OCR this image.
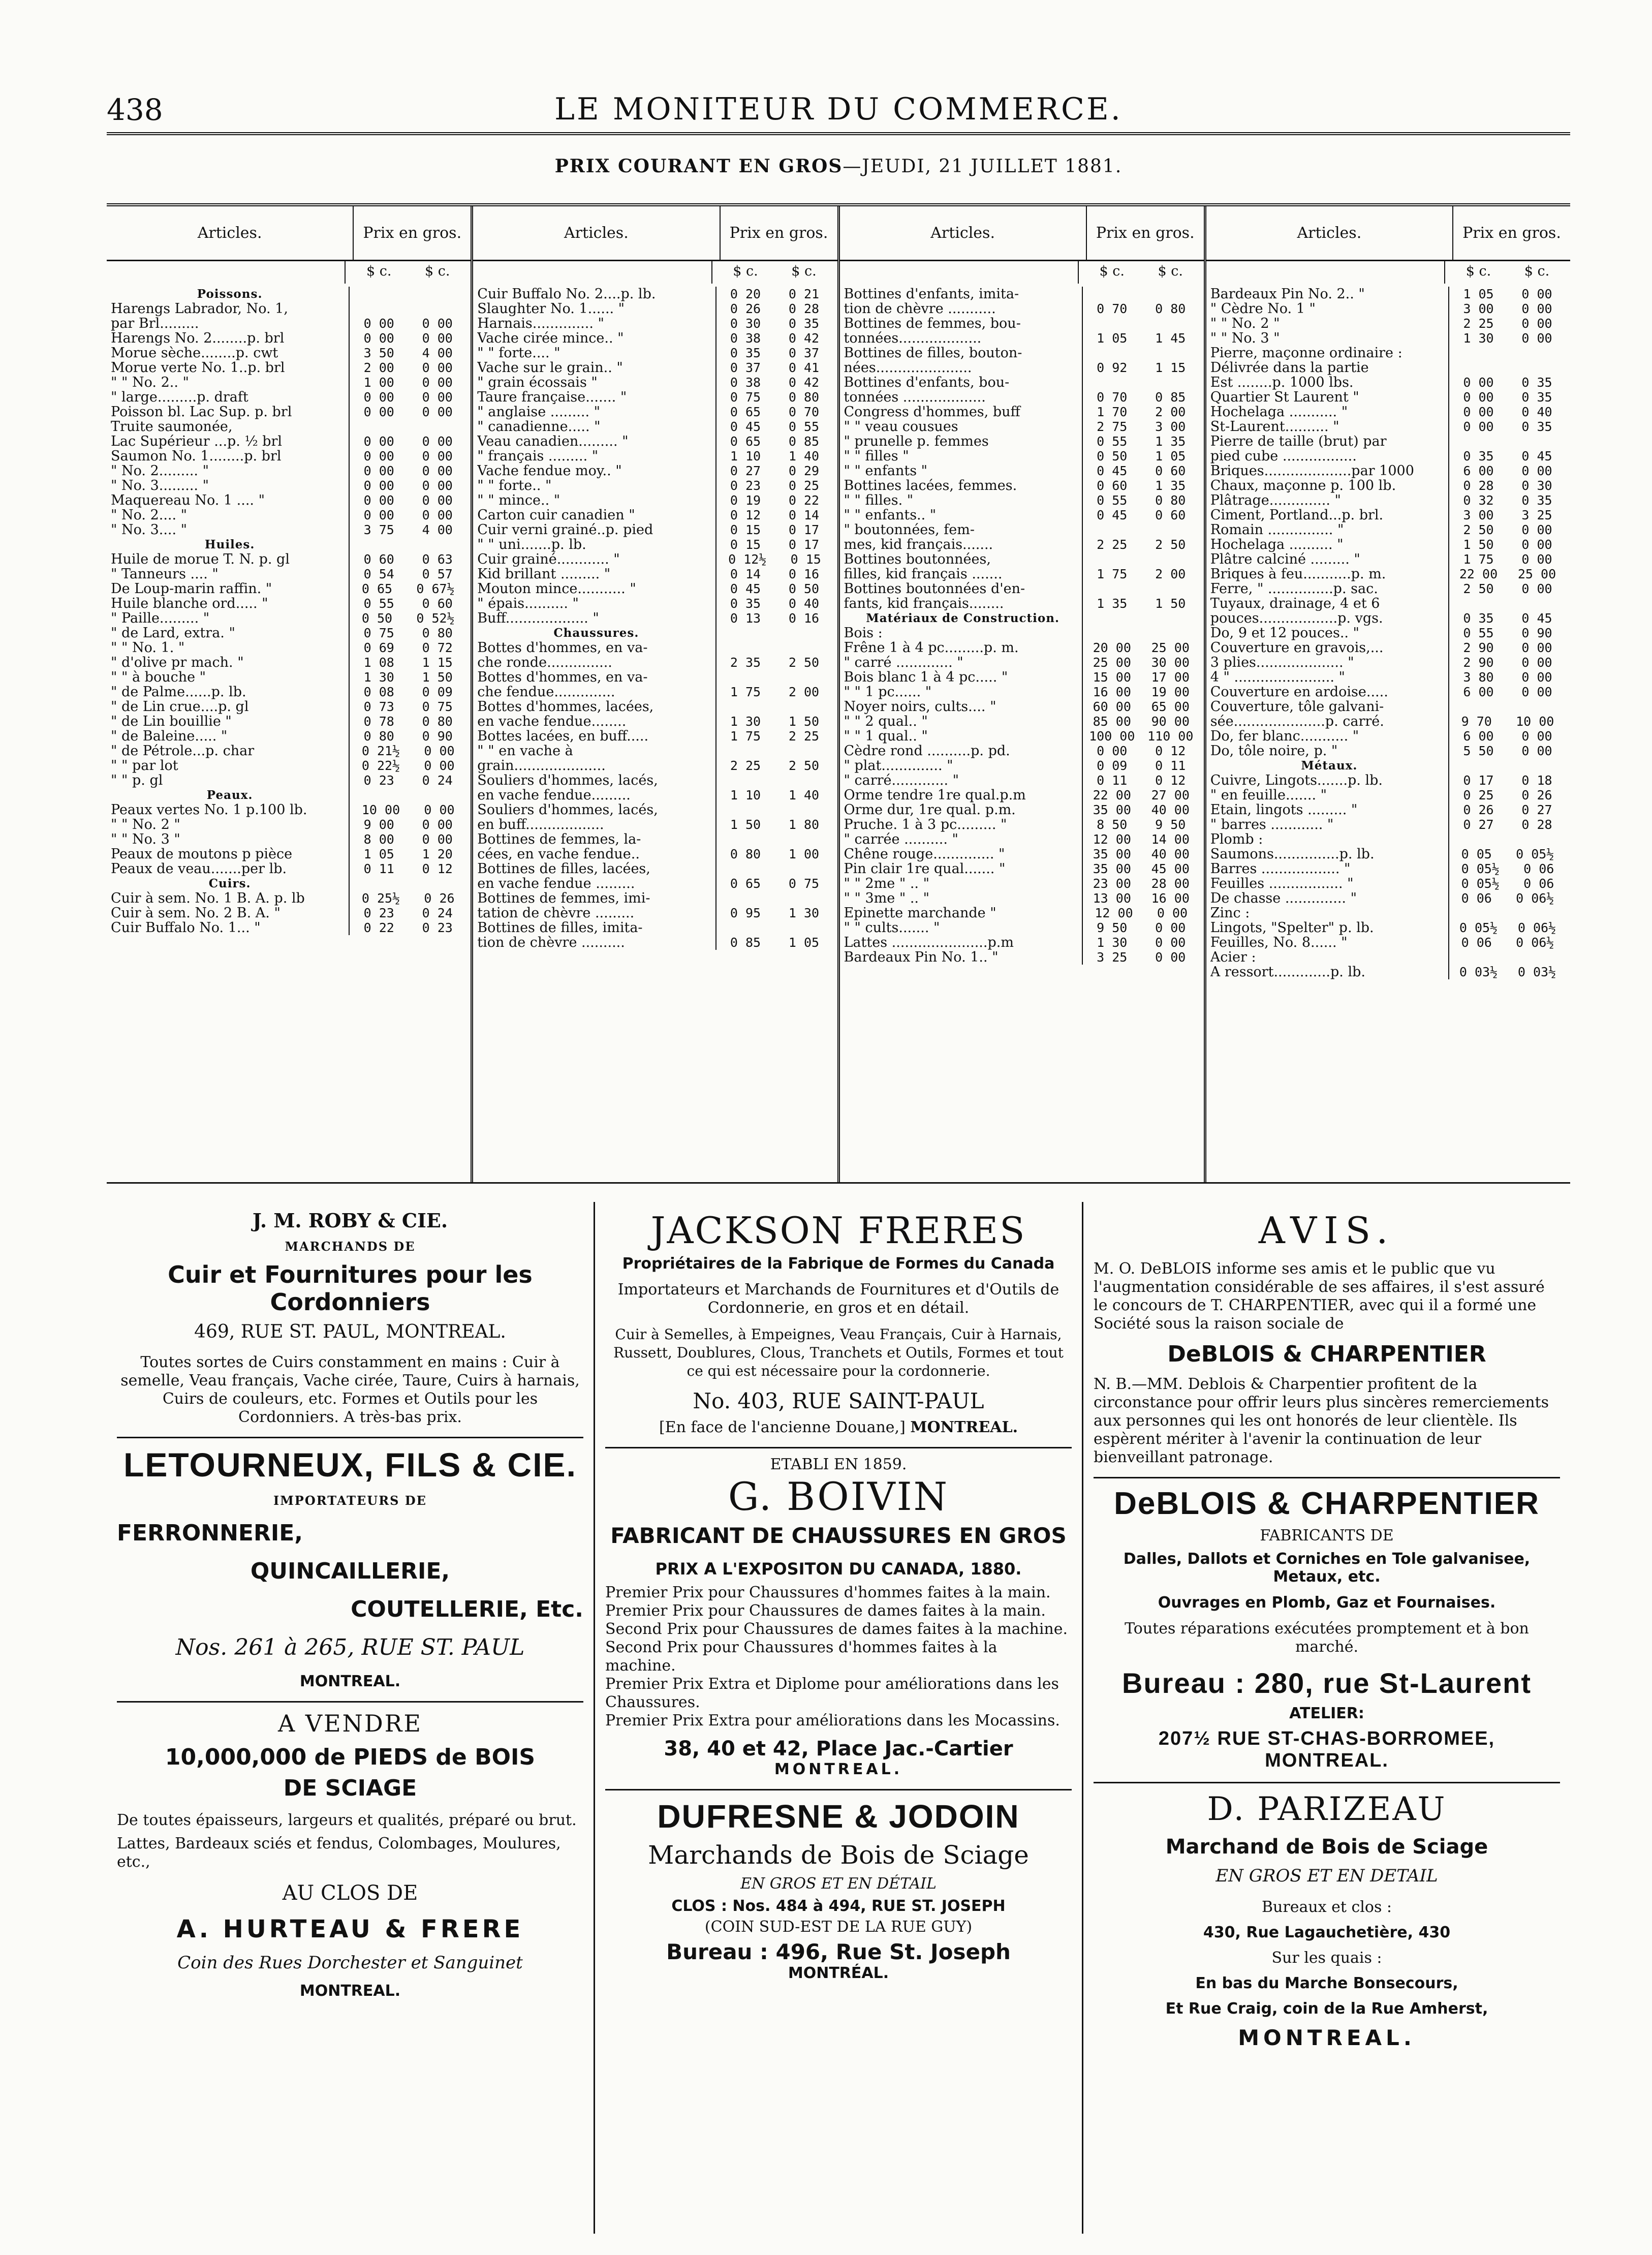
438	LE MONITEUR DU COMMERCE.
PRIX COURANT EN GROS—JEUDI, 21 JUILLET 1881.
Articles.	Prix en gros.
$ c. $ c.
Poissons.
Harengs Labrador, No. 1,
par Brl.........	0 00 0 00
Harengs No. 2........p. brl	0 00 0 00
Morue sèche........p. cwt	3 50 4 00
Morue verte No. 1..p. brl	2 00 0 00
" " No. 2.. "	1 00 0 00
" large.........p. draft	0 00 0 00
Poisson bl. Lac Sup. p. brl	0 00 0 00
Truite saumonée,
Lac Supérieur ...p. ½ brl	0 00 0 00
Saumon No. 1........p. brl	0 00 0 00
" No. 2......... "	0 00 0 00
" No. 3......... "	0 00 0 00
Maquereau No. 1 .... "	0 00 0 00
" No. 2.... "	0 00 0 00
" No. 3.... "	3 75 4 00
Huiles.
Huile de morue T. N. p. gl	0 60 0 63
" Tanneurs .... "	0 54 0 57
De Loup-marin raffin. "	0 65 0 67½
Huile blanche ord..... "	0 55 0 60
" Paille......... "	0 50 0 52½
" de Lard, extra. "	0 75 0 80
" " No. 1. "	0 69 0 72
" d'olive pr mach. "	1 08 1 15
" " à bouche "	1 30 1 50
" de Palme......p. lb.	0 08 0 09
" de Lin crue....p. gl	0 73 0 75
" de Lin bouillie "	0 78 0 80
" de Baleine..... "	0 80 0 90
" de Pétrole...p. char	0 21½ 0 00
" " par lot	0 22½ 0 00
" " p. gl	0 23 0 24
Peaux.
Peaux vertes No. 1 p.100 lb.	10 00 0 00
" " No. 2 "	9 00 0 00
" " No. 3 "	8 00 0 00
Peaux de moutons p pièce	1 05 1 20
Peaux de veau.......per lb.	0 11 0 12
Cuirs.
Cuir à sem. No. 1 B. A. p. lb	0 25½ 0 26
Cuir à sem. No. 2 B. A. "	0 23 0 24
Cuir Buffalo No. 1... "	0 22 0 23
Articles.	Prix en gros.
$ c. $ c.
Cuir Buffalo No. 2....p. lb.	0 20 0 21
Slaughter No. 1...... "	0 26 0 28
Harnais.............. "	0 30 0 35
Vache cirée mince.. "	0 38 0 42
" " forte.... "	0 35 0 37
Vache sur le grain.. "	0 37 0 41
" grain écossais "	0 38 0 42
Taure française....... "	0 75 0 80
" anglaise ......... "	0 65 0 70
" canadienne..... "	0 45 0 55
Veau canadien......... "	0 65 0 85
" français ......... "	1 10 1 40
Vache fendue moy.. "	0 27 0 29
" " forte.. "	0 23 0 25
" " mince.. "	0 19 0 22
Carton cuir canadien "	0 12 0 14
Cuir verni grainé..p. pied	0 15 0 17
" " uni.......p. lb.	0 15 0 17
Cuir grainé............ "	0 12½ 0 15
Kid brillant ......... "	0 14 0 16
Mouton mince........... "	0 45 0 50
" épais.......... "	0 35 0 40
Buff................... "	0 13 0 16
Chaussures.
Bottes d'hommes, en va-
che ronde...............	2 35 2 50
Bottes d'hommes, en va-
che fendue..............	1 75 2 00
Bottes d'hommes, lacées,
en vache fendue........	1 30 1 50
Bottes lacées, en buff.....	1 75 2 25
" " en vache à
grain.....................	2 25 2 50
Souliers d'hommes, lacés,
en vache fendue.........	1 10 1 40
Souliers d'hommes, lacés,
en buff..................	1 50 1 80
Bottines de femmes, la-
cées, en vache fendue..	0 80 1 00
Bottines de filles, lacées,
en vache fendue .........	0 65 0 75
Bottines de femmes, imi-
tation de chèvre .........	0 95 1 30
Bottines de filles, imita-
tion de chèvre ..........	0 85 1 05
Articles.	Prix en gros.
$ c. $ c.
Bottines d'enfants, imita-
tion de chèvre ...........	0 70 0 80
Bottines de femmes, bou-
tonnées...................	1 05 1 45
Bottines de filles, bouton-
nées......................	0 92 1 15
Bottines d'enfants, bou-
tonnées ...................	0 70 0 85
Congress d'hommes, buff	1 70 2 00
" " veau cousues	2 75 3 00
" prunelle p. femmes	0 55 1 35
" " filles "	0 50 1 05
" " enfants "	0 45 0 60
Bottines lacées, femmes.	0 60 1 35
" " filles. "	0 55 0 80
" " enfants.. "	0 45 0 60
" boutonnées, fem-
mes, kid français.......	2 25 2 50
Bottines boutonnées,
filles, kid français .......	1 75 2 00
Bottines boutonnées d'en-
fants, kid français........	1 35 1 50
Matériaux de Construction.
Bois :
Frêne 1 à 4 pc.........p. m.	20 00 25 00
" carré ............. "	25 00 30 00
Bois blanc 1 à 4 pc..... "	15 00 17 00
" " 1 pc...... "	16 00 19 00
Noyer noirs, cults.... "	60 00 65 00
" " 2 qual.. "	85 00 90 00
" " 1 qual.. "	100 00 110 00
Cèdre rond ..........p. pd.	0 00 0 12
" plat.............. "	0 09 0 11
" carré............. "	0 11 0 12
Orme tendre 1re qual.p.m	22 00 27 00
Orme dur, 1re qual. p.m.	35 00 40 00
Pruche. 1 à 3 pc......... "	8 50 9 50
" carrée .......... "	12 00 14 00
Chêne rouge.............. "	35 00 40 00
Pin clair 1re qual....... "	35 00 45 00
" " 2me " .. "	23 00 28 00
" " 3me " .. "	13 00 16 00
Epinette marchande "	12 00 0 00
" " cults....... "	9 50 0 00
Lattes ......................p.m	1 30 0 00
Bardeaux Pin No. 1.. "	3 25 0 00
Articles.	Prix en gros.
$ c. $ c.
Bardeaux Pin No. 2.. "	1 05 0 00
" Cèdre No. 1 "	3 00 0 00
" " No. 2 "	2 25 0 00
" " No. 3 "	1 30 0 00
Pierre, maçonne ordinaire :
Délivrée dans la partie
Est ........p. 1000 lbs.	0 00 0 35
Quartier St Laurent "	0 00 0 35
Hochelaga ........... "	0 00 0 40
St-Laurent.......... "	0 00 0 35
Pierre de taille (brut) par
pied cube .................	0 35 0 45
Briques....................par 1000	6 00 0 00
Chaux, maçonne p. 100 lb.	0 28 0 30
Plâtrage.............. "	0 32 0 35
Ciment, Portland...p. brl.	3 00 3 25
Romain ............... "	2 50 0 00
Hochelaga .......... "	1 50 0 00
Plâtre calciné ......... "	1 75 0 00
Briques à feu...........p. m.	22 00 25 00
Ferre, " ...............p. sac.	2 50 0 00
Tuyaux, drainage, 4 et 6
pouces..................p. vgs.	0 35 0 45
Do, 9 et 12 pouces.. "	0 55 0 90
Couverture en gravois,...	2 90 0 00
3 plies.................... "	2 90 0 00
4 " ....................... "	3 80 0 00
Couverture en ardoise.....	6 00 0 00
Couverture, tôle galvani-
sée.....................p. carré.	9 70 10 00
Do, fer blanc........... "	6 00 0 00
Do, tôle noire, p. "	5 50 0 00
Métaux.
Cuivre, Lingots.......p. lb.	0 17 0 18
" en feuille....... "	0 25 0 26
Etain, lingots ......... "	0 26 0 27
" barres ............ "	0 27 0 28
Plomb :
Saumons...............p. lb.	0 05 0 05½
Barres .................. "	0 05½ 0 06
Feuilles ................. "	0 05½ 0 06
De chasse .............. "	0 06 0 06½
Zinc :
Lingots, "Spelter" p. lb.	0 05½ 0 06½
Feuilles, No. 8...... "	0 06 0 06½
Acier :
A ressort.............p. lb.	0 03½ 0 03½
J. M. ROBY & CIE.
MARCHANDS DE
Cuir et Fournitures pour les Cordonniers
469, RUE ST. PAUL, MONTREAL.
Toutes sortes de Cuirs constamment en mains : Cuir à semelle, Veau français, Vache cirée, Taure, Cuirs à harnais, Cuirs de couleurs, etc. Formes et Outils pour les Cordonniers. A très-bas prix.
LETOURNEUX, FILS & CIE.
IMPORTATEURS DE
FERRONNERIE,
QUINCAILLERIE,
COUTELLERIE, Etc.
Nos. 261 à 265, RUE ST. PAUL
MONTREAL.
A VENDRE
10,000,000 de PIEDS de BOIS
DE SCIAGE
De toutes épaisseurs, largeurs et qualités, préparé ou brut.
Lattes, Bardeaux sciés et fendus, Colombages, Moulures, etc.,
AU CLOS DE
A. HURTEAU & FRERE
Coin des Rues Dorchester et Sanguinet
MONTREAL.
JACKSON FRERES
Propriétaires de la Fabrique de Formes du Canada
Importateurs et Marchands de Fournitures et d'Outils de Cordonnerie, en gros et en détail.
Cuir à Semelles, à Empeignes, Veau Français, Cuir à Harnais, Russett, Doublures, Clous, Tranchets et Outils, Formes et tout ce qui est nécessaire pour la cordonnerie.
No. 403, RUE SAINT-PAUL
[En face de l'ancienne Douane,] MONTREAL.
ETABLI EN 1859.
G. BOIVIN
FABRICANT DE CHAUSSURES EN GROS
PRIX A L'EXPOSITON DU CANADA, 1880.
Premier Prix pour Chaussures d'hommes faites à la main.
Premier Prix pour Chaussures de dames faites à la main.
Second Prix pour Chaussures de dames faites à la machine.
Second Prix pour Chaussures d'hommes faites à la machine.
Premier Prix Extra et Diplome pour améliorations dans les Chaussures.
Premier Prix Extra pour améliorations dans les Mocassins.
38, 40 et 42, Place Jac.-Cartier
MONTREAL.
DUFRESNE & JODOIN
Marchands de Bois de Sciage
EN GROS ET EN DÉTAIL
CLOS : Nos. 484 à 494, RUE ST. JOSEPH
(COIN SUD-EST DE LA RUE GUY)
Bureau : 496, Rue St. Joseph
MONTRÉAL.
AVIS.
M. O. DeBLOIS informe ses amis et le public que vu l'augmentation considérable de ses affaires, il s'est assuré le concours de T. CHARPENTIER, avec qui il a formé une Société sous la raison sociale de
DeBLOIS & CHARPENTIER
N. B.—MM. Deblois & Charpentier profitent de la circonstance pour offrir leurs plus sincères remerciements aux personnes qui les ont honorés de leur clientèle. Ils espèrent mériter à l'avenir la continuation de leur bienveillant patronage.
DeBLOIS & CHARPENTIER
FABRICANTS DE
Dalles, Dallots et Corniches en Tole galvanisee, Metaux, etc.
Ouvrages en Plomb, Gaz et Fournaises.
Toutes réparations exécutées promptement et à bon marché.
Bureau : 280, rue St-Laurent
ATELIER:
207½ RUE ST-CHAS-BORROMEE, MONTREAL.
D. PARIZEAU
Marchand de Bois de Sciage
EN GROS ET EN DETAIL
Bureaux et clos :
430, Rue Lagauchetière, 430
Sur les quais :
En bas du Marche Bonsecours,
Et Rue Craig, coin de la Rue Amherst,
MONTREAL.
